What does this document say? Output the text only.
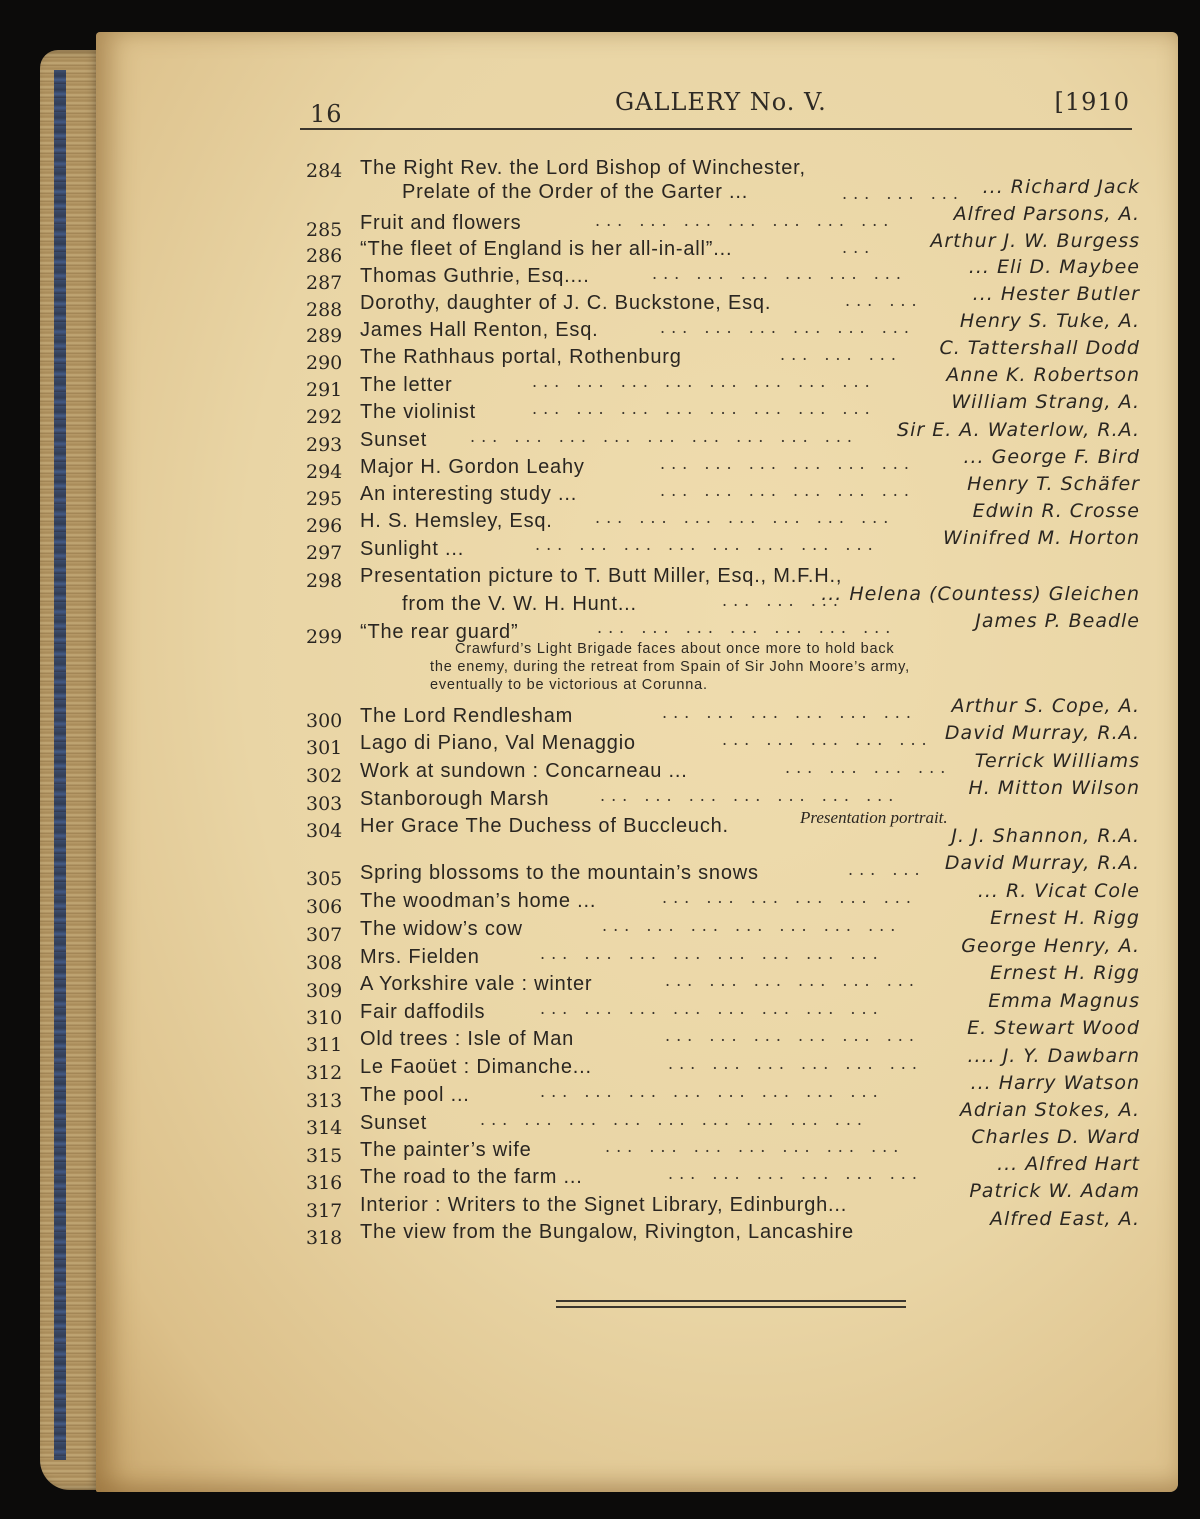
16	GALLERY No. V.	[1910
284 The Right Rev. the Lord Bishop of Winchester,
Prelate of the Order of the Garter ...	... ... ... ... Richard Jack
285 Fruit and flowers	... ... ... ... ... ... ...	Alfred Parsons, A.
286 “The fleet of England is her all-in-all”...	...	Arthur J. W. Burgess
287 Thomas Guthrie, Esq....	... ... ... ... ... ...	... Eli D. Maybee
288 Dorothy, daughter of J. C. Buckstone, Esq.	... ...	... Hester Butler
289 James Hall Renton, Esq.	... ... ... ... ... ... Henry S. Tuke, A.
290 The Rathhaus portal, Rothenburg	... ... ... C. Tattershall Dodd
291 The letter	... ... ... ... ... ... ... ...	Anne K. Robertson
292 The violinist	... ... ... ... ... ... ... ...	William Strang, A.
293 Sunset	... ... ... ... ... ... ... ... ... Sir E. A. Waterlow, R.A.
294 Major H. Gordon Leahy	... ... ... ... ... ...	... George F. Bird
295 An interesting study ...	... ... ... ... ... ...	Henry T. Schäfer
296 H. S. Hemsley, Esq.	... ... ... ... ... ... ...	Edwin R. Crosse
297 Sunlight ...	... ... ... ... ... ... ... ...	Winifred M. Horton
298 Presentation picture to T. Butt Miller, Esq., M.F.H.,
from the V. W. H. Hunt...	... ... ...
... Helena (Countess) Gleichen
299 “The rear guard”	... ... ... ... ... ... ...	James P. Beadle
Crawfurd’s Light Brigade faces about once more to hold back
the enemy, during the retreat from Spain of Sir John Moore’s army,
eventually to be victorious at Corunna.
300 The Lord Rendlesham	... ... ... ... ... ... Arthur S. Cope, A.
301 Lago di Piano, Val Menaggio	... ... ... ... ... David Murray, R.A.
302 Work at sundown : Concarneau ...	... ... ... ... Terrick Williams
303 Stanborough Marsh	... ... ... ... ... ... ...	H. Mitton Wilson
304 Her Grace The Duchess of Buccleuch.	Presentation portrait.
J. J. Shannon, R.A.
305 Spring blossoms to the mountain’s snows	... ... David Murray, R.A.
306 The woodman’s home ...	... ... ... ... ... ...	... R. Vicat Cole
307 The widow’s cow	... ... ... ... ... ... ...	Ernest H. Rigg
308 Mrs. Fielden	... ... ... ... ... ... ... ...	George Henry, A.
309 A Yorkshire vale : winter	... ... ... ... ... ...	Ernest H. Rigg
310 Fair daffodils	... ... ... ... ... ... ... ...	Emma Magnus
311 Old trees : Isle of Man	... ... ... ... ... ... E. Stewart Wood
312 Le Faoüet : Dimanche...	... ... ... ... ... ... .... J. Y. Dawbarn
313 The pool ...	... ... ... ... ... ... ... ...	... Harry Watson
314 Sunset	... ... ... ... ... ... ... ... ...	Adrian Stokes, A.
315 The painter’s wife	... ... ... ... ... ... ...	Charles D. Ward
316 The road to the farm ...	... ... ... ... ... ...	... Alfred Hart
317 Interior : Writers to the Signet Library, Edinburgh...
Patrick W. Adam
318 The view from the Bungalow, Rivington, Lancashire
Alfred East, A.
